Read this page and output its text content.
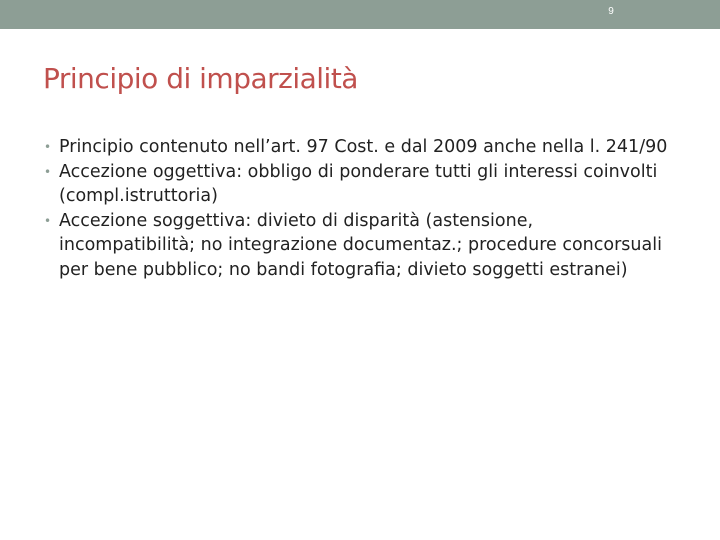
9
Principio di imparzialità
• Principio contenuto nell’art. 97 Cost. e dal 2009 anche nella l. 241/90
• Accezione oggettiva: obbligo di ponderare tutti gli interessi coinvolti (compl.istruttoria)
• Accezione soggettiva: divieto di disparità (astensione, incompatibilità; no integrazione documentaz.; procedure concorsuali per bene pubblico; no bandi fotografia; divieto soggetti estranei)
